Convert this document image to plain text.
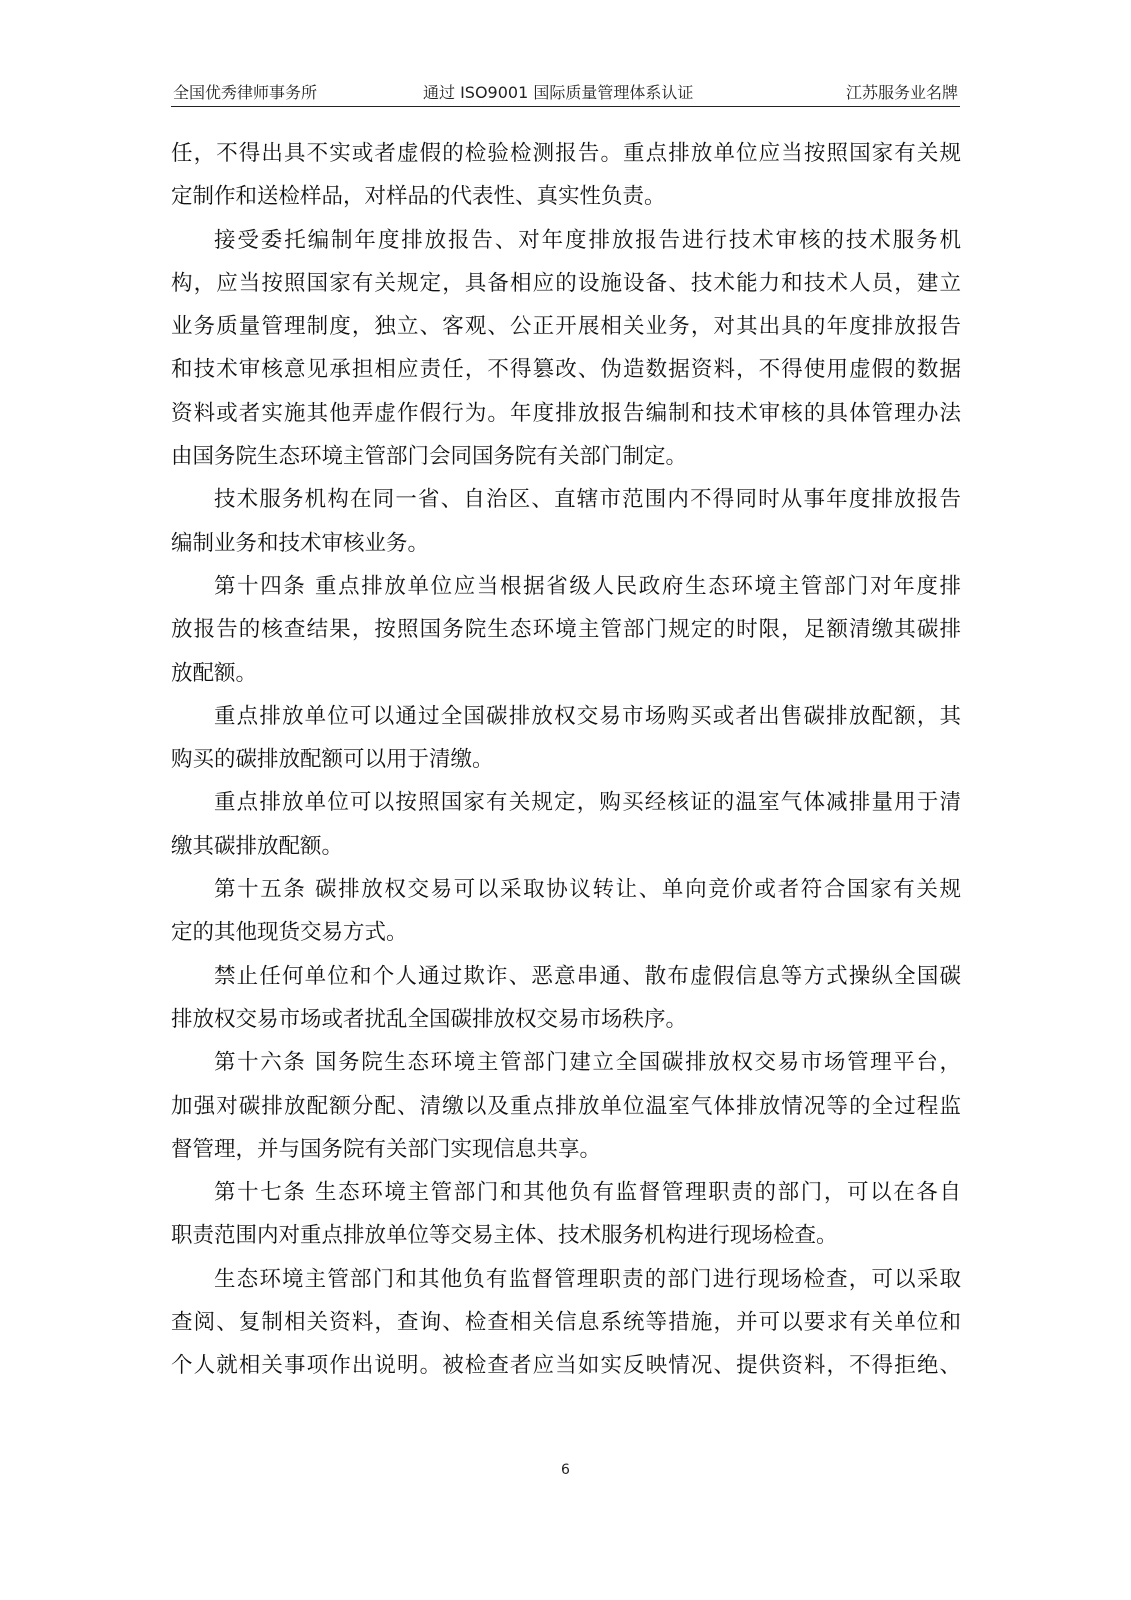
全国优秀律师事务所	通过 ISO9001 国际质量管理体系认证	江苏服务业名牌
任，不得出具不实或者虚假的检验检测报告。重点排放单位应当按照国家有关规
定制作和送检样品，对样品的代表性、真实性负责。
接受委托编制年度排放报告、对年度排放报告进行技术审核的技术服务机
构，应当按照国家有关规定，具备相应的设施设备、技术能力和技术人员，建立
业务质量管理制度，独立、客观、公正开展相关业务，对其出具的年度排放报告
和技术审核意见承担相应责任，不得篡改、伪造数据资料，不得使用虚假的数据
资料或者实施其他弄虚作假行为。年度排放报告编制和技术审核的具体管理办法
由国务院生态环境主管部门会同国务院有关部门制定。
技术服务机构在同一省、自治区、直辖市范围内不得同时从事年度排放报告
编制业务和技术审核业务。
第十四条 重点排放单位应当根据省级人民政府生态环境主管部门对年度排
放报告的核查结果，按照国务院生态环境主管部门规定的时限，足额清缴其碳排
放配额。
重点排放单位可以通过全国碳排放权交易市场购买或者出售碳排放配额，其
购买的碳排放配额可以用于清缴。
重点排放单位可以按照国家有关规定，购买经核证的温室气体减排量用于清
缴其碳排放配额。
第十五条 碳排放权交易可以采取协议转让、单向竞价或者符合国家有关规
定的其他现货交易方式。
禁止任何单位和个人通过欺诈、恶意串通、散布虚假信息等方式操纵全国碳
排放权交易市场或者扰乱全国碳排放权交易市场秩序。
第十六条 国务院生态环境主管部门建立全国碳排放权交易市场管理平台，
加强对碳排放配额分配、清缴以及重点排放单位温室气体排放情况等的全过程监
督管理，并与国务院有关部门实现信息共享。
第十七条 生态环境主管部门和其他负有监督管理职责的部门，可以在各自
职责范围内对重点排放单位等交易主体、技术服务机构进行现场检查。
生态环境主管部门和其他负有监督管理职责的部门进行现场检查，可以采取
查阅、复制相关资料，查询、检查相关信息系统等措施，并可以要求有关单位和
个人就相关事项作出说明。被检查者应当如实反映情况、提供资料，不得拒绝、
6
